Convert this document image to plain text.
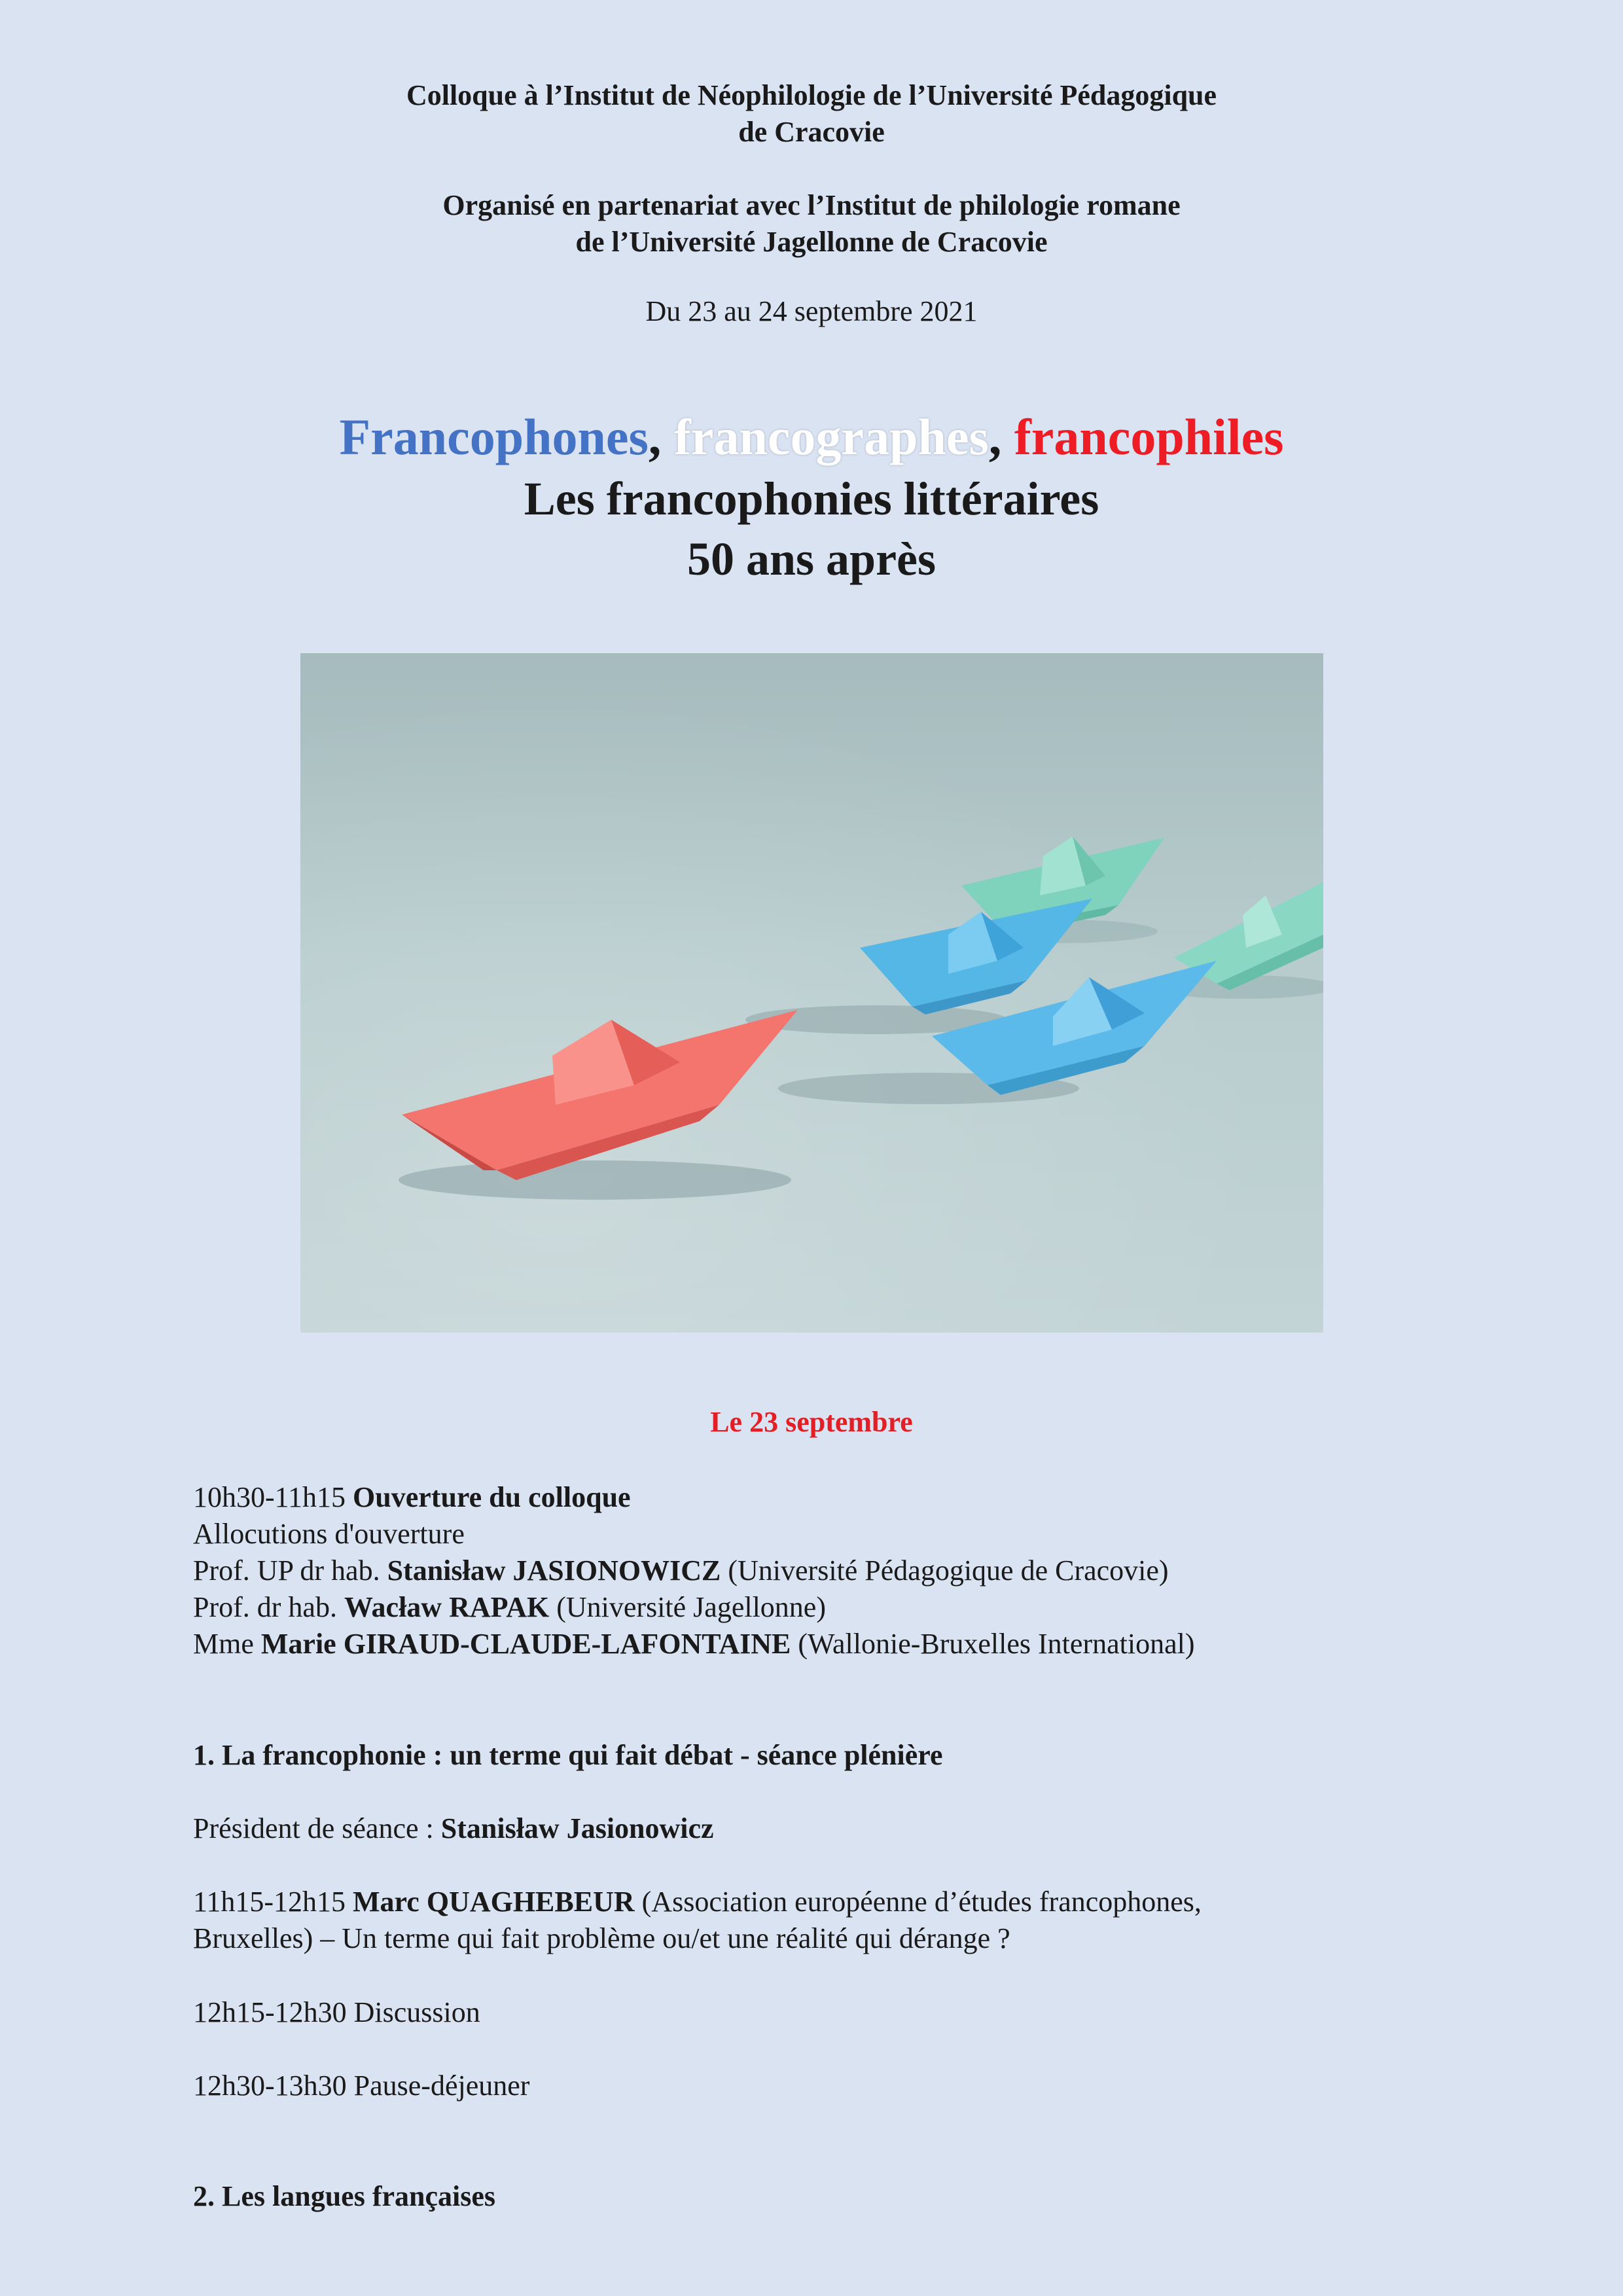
Colloque à l’Institut de Néophilologie de l’Université Pédagogique

de Cracovie

Organisé en partenariat avec l’Institut de philologie romane

de l’Université Jagellonne de Cracovie

Du 23 au 24 septembre 2021
Francophones, francographes, francophiles
Les francophonies littéraires
50 ans après
Le 23 septembre

10h30-11h15 Ouverture du colloque

Allocutions d'ouverture

Prof. UP dr hab. Stanisław JASIONOWICZ (Université Pédagogique de Cracovie)

Prof. dr hab. Wacław RAPAK (Université Jagellonne)

Mme Marie GIRAUD-CLAUDE-LAFONTAINE (Wallonie-Bruxelles International)

1. La francophonie : un terme qui fait débat - séance plénière

Président de séance : Stanisław Jasionowicz

11h15-12h15 Marc QUAGHEBEUR (Association européenne d’études francophones,

Bruxelles) – Un terme qui fait problème ou/et une réalité qui dérange ?

12h15-12h30 Discussion
12h30-13h30 Pause-déjeuner

2. Les langues françaises
